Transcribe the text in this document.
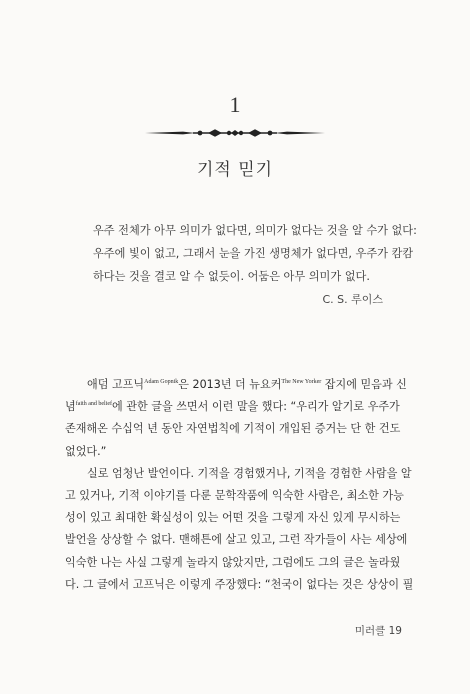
1
기적 믿기

우주 전체가 아무 의미가 없다면, 의미가 없다는 것을 알 수가 없다:

우주에 빛이 없고, 그래서 눈을 가진 생명체가 없다면, 우주가 캄캄

하다는 것을 결코 알 수 없듯이. 어둠은 아무 의미가 없다.

C. S. 루이스
애덤 고프닉$^{Adam Gopnik}$은 2013년 더 뉴요커$^{The New Yorker}$ 잡지에 믿음과 신
념$^{faith and belief}$에 관한 글을 쓰면서 이런 말을 했다: “우리가 알기로 우주가
존재해온 수십억 년 동안 자연법칙에 기적이 개입된 증거는 단 한 건도
없었다.”
실로 엄청난 발언이다. 기적을 경험했거나, 기적을 경험한 사람을 알
고 있거나, 기적 이야기를 다룬 문학작품에 익숙한 사람은, 최소한 가능
성이 있고 최대한 확실성이 있는 어떤 것을 그렇게 자신 있게 무시하는
발언을 상상할 수 없다. 맨해튼에 살고 있고, 그런 작가들이 사는 세상에
익숙한 나는 사실 그렇게 놀라지 않았지만, 그럼에도 그의 글은 놀라웠
다. 그 글에서 고프닉은 이렇게 주장했다: “천국이 없다는 것은 상상이 필
미러클 19
